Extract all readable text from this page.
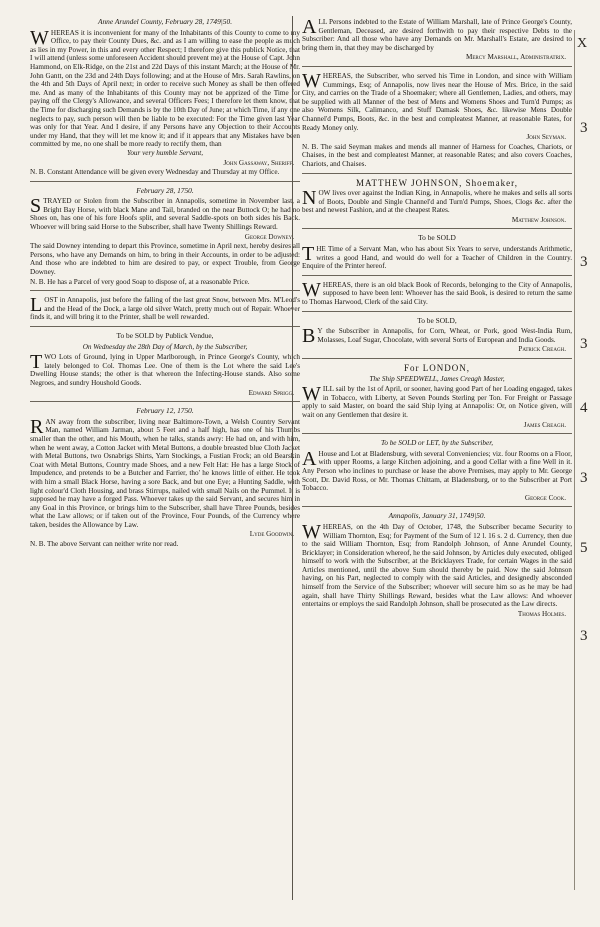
Anne Arundel County, February 28, 1749|50.
WHEREAS it is inconvenient for many of the Inhabitants of this County to come to my Office, to pay their County Dues, &c. and as I am willing to ease the people as much as lies in my Power, in this and every other Respect; I therefore give this publick Notice, that I will attend (unless some unforeseen Accident should prevent me) at the House of Capt. John Hammond, on Elk-Ridge, on the 21st and 22d Days of this instant March; at the House of Mr. John Gantt, on the 23d and 24th Days following; and at the House of Mrs. Sarah Rawlins, on the 4th and 5th Days of April next; in order to receive such Money as shall be then offered me. And as many of the Inhabitants of this County may not be apprized of the Time for paying off the Clergy's Allowance, and several Officers Fees; I therefore let them know, that the Time for discharging such Demands is by the 10th Day of June; at which Time, if any one neglects to pay, such person will then be liable to be executed: For the Time given last Year was only for that Year. And I desire, if any Persons have any Objection to their Accounts under my Hand, that they will let me know it; and if it appears that any Mistakes have been committed by me, no one shall be more ready to rectify them, than
Your very humble Servant,
John Gassaway, Sheriff.
N. B. Constant Attendance will be given every Wednesday and Thursday at my Office.
February 28, 1750.
STRAYED or Stolen from the Subscriber in Annapolis, sometime in November last, a Bright Bay Horse, with black Mane and Tail, branded on the near Buttock O; he had no Shoes on, has one of his fore Hoofs split, and several Saddle-spots on both sides his Back. Whoever will bring said Horse to the Subscriber, shall have Twenty Shillings Reward.
George Downey.
The said Downey intending to depart this Province, sometime in April next, hereby desires all Persons, who have any Demands on him, to bring in their Accounts, in order to be adjusted: And those who are indebted to him are desired to pay, or expect Trouble, from George Downey.
N. B. He has a Parcel of very good Soap to dispose of, at a reasonable Price.
LOST in Annapolis, just before the falling of the last great Snow, between Mrs. M'Leod's and the Head of the Dock, a large old silver Watch, pretty much out of Repair. Whoever finds it, and will bring it to the Printer, shall be well rewarded.
To be SOLD by Publick Vendue,
On Wednesday the 28th Day of March, by the Subscriber,
TWO Lots of Ground, lying in Upper Marlborough, in Prince George's County, which lately belonged to Col. Thomas Lee. One of them is the Lot where the said Lee's Dwelling House stands; the other is that whereon the Infecting-House stands. Also some Negroes, and sundry Houshold Goods.
Edward Sprigg.
February 12, 1750.
RAN away from the subscriber, living near Baltimore-Town, a Welsh Country Servant Man, named William Jarman, about 5 Feet and a half high, has one of his Thumbs smaller than the other, and his Mouth, when he talks, stands awry: He had on, and with him, when he went away, a Cotton Jacket with Metal Buttons, a double breasted blue Cloth Jacket with Metal Buttons, two Osnabrigs Shirts, Yarn Stockings, a Fustian Frock; an old Bearskin Coat with Metal Buttons, Country made Shoes, and a new Felt Hat: He has a large Stock of Impudence, and pretends to be a Butcher and Farrier, tho' he knows little of either. He took with him a small Black Horse, having a sore Back, and but one Eye; a Hunting Saddle, with light colour'd Cloth Housing, and brass Stirrups, nailed with small Nails on the Pummel. It is supposed he may have a forged Pass. Whoever takes up the said Servant, and secures him in any Goal in this Province, or brings him to the Subscriber, shall have Three Pounds, besides what the Law allows; or if taken out of the Province, Four Pounds, of the Currency where taken, besides the Allowance by Law.
Lyde Goodwin.
N. B. The above Servant can neither write nor read.
ALL Persons indebted to the Estate of William Marshall, late of Prince George's County, Gentleman, Deceased, are desired forthwith to pay their respective Debts to the Subscriber: And all those who have any Demands on Mr. Marshall's Estate, are desired to bring them in, that they may be discharged by
Mercy Marshall, Administratrix.
WHEREAS, the Subscriber, who served his Time in London, and since with William Cummings, Esq; of Annapolis, now lives near the House of Mrs. Brice, in the said City, and carries on the Trade of a Shoemaker; where all Gentlemen, Ladies, and others, may be supplied with all Manner of the best of Mens and Womens Shoes and Turn'd Pumps; as also Womens Silk, Calimanco, and Stuff Damask Shoes, &c. likewise Mens Double Channel'd Pumps, Boots, &c. in the best and compleatest Manner, at reasonable Rates, for Ready Money only.
John Seyman.
N. B. The said Seyman makes and mends all manner of Harness for Coaches, Chariots, or Chaises, in the best and compleatest Manner, at reasonable Rates; and also covers Coaches, Chariots, and Chaises.
MATTHEW JOHNSON, Shoemaker,
NOW lives over against the Indian King, in Annapolis, where he makes and sells all sorts of Boots, Double and Single Channel'd and Turn'd Pumps, Shoes, Clogs &c. after the best and newest Fashion, and at the cheapest Rates.
Matthew Johnson.
To be SOLD
THE Time of a Servant Man, who has about Six Years to serve, understands Arithmetic, writes a good Hand, and would do well for a Teacher of Children in the Country. Enquire of the Printer hereof.
WHEREAS, there is an old black Book of Records, belonging to the City of Annapolis, supposed to have been lent: Whoever has the said Book, is desired to return the same to Thomas Harwood, Clerk of the said City.
To be SOLD,
BY the Subscriber in Annapolis, for Corn, Wheat, or Pork, good West-India Rum, Molasses, Loaf Sugar, Chocolate, with several Sorts of European and India Goods.
Patrick Creagh.
For LONDON,
The Ship SPEEDWELL, James Creagh Master,
WILL sail by the 1st of April, or sooner, having good Part of her Loading engaged, takes in Tobacco, with Liberty, at Seven Pounds Sterling per Ton. For Freight or Passage apply to said Master, on board the said Ship lying at Annapolis: Or, on Notice given, will wait on any Gentlemen that desire it.
James Creagh.
To be SOLD or LET, by the Subscriber,
AHouse and Lot at Bladensburg, with several Conveniencies; viz. four Rooms on a Floor, with upper Rooms, a large Kitchen adjoining, and a good Cellar with a fine Well in it. Any Person who inclines to purchase or lease the above Premises, may apply to Mr. George Scott, Dr. David Ross, or Mr. Thomas Chittam, at Bladensburg, or to the Subscriber at Port Tobacco.
George Cook.
Annapolis, January 31, 1749|50.
WHEREAS, on the 4th Day of October, 1748, the Subscriber became Security to William Thornton, Esq; for Payment of the Sum of 12 l. 16 s. 2 d. Currency, then due to the said William Thornton, Esq; from Randolph Johnson, of Anne Arundel County, Bricklayer; in Consideration whereof, he the said Johnson, by Articles duly executed, obliged himself to work with the Subscriber, at the Bricklayers Trade, for certain Wages in the said Articles mentioned, until the above Sum should thereby be paid. Now the said Johnson having, on his Part, neglected to comply with the said Articles, and designedly absconded himself from the Service of the Subscriber; whoever will secure him so as he may be had again, shall have Thirty Shillings Reward, besides what the Law allows: And whoever entertains or employs the said Randolph Johnson, shall be prosecuted as the Law directs.
Thomas Holmes.
X
3
3
3
4
3
5
3
